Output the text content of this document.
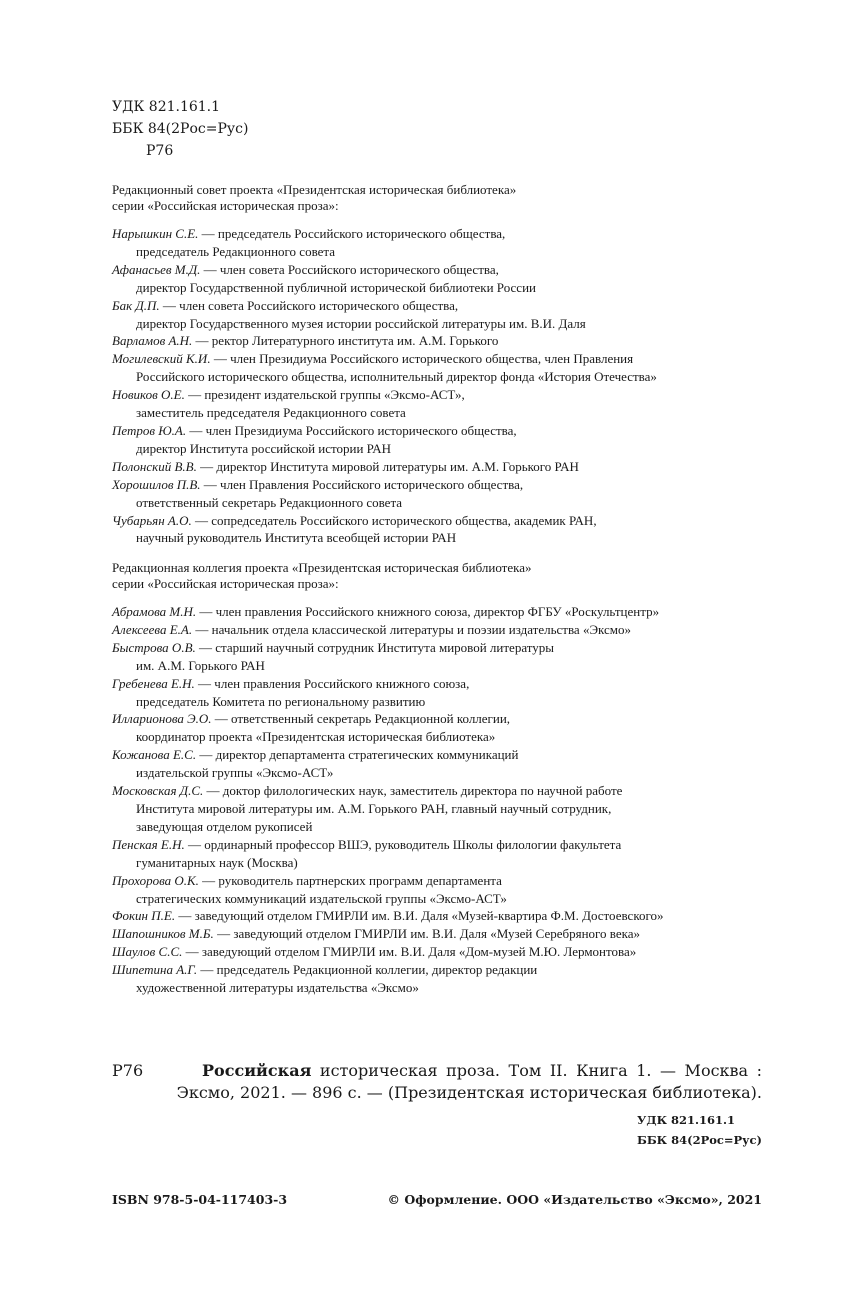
УДК 821.161.1
ББК 84(2Рос=Рус)
Р76
Редакционный совет проекта «Президентская историческая библиотека»
серии «Российская историческая проза»:
Нарышкин С.Е. — председатель Российского исторического общества,
председатель Редакционного совета
Афанасьев М.Д. — член совета Российского исторического общества,
директор Государственной публичной исторической библиотеки России
Бак Д.П. — член совета Российского исторического общества,
директор Государственного музея истории российской литературы им. В.И. Даля
Варламов А.Н. — ректор Литературного института им. А.М. Горького
Могилевский К.И. — член Президиума Российского исторического общества, член Правления
Российского исторического общества, исполнительный директор фонда «История Отечества»
Новиков О.Е. — президент издательской группы «Эксмо-АСТ»,
заместитель председателя Редакционного совета
Петров Ю.А. — член Президиума Российского исторического общества,
директор Института российской истории РАН
Полонский В.В. — директор Института мировой литературы им. А.М. Горького РАН
Хорошилов П.В. — член Правления Российского исторического общества,
ответственный секретарь Редакционного совета
Чубарьян А.О. — сопредседатель Российского исторического общества, академик РАН,
научный руководитель Института всеобщей истории РАН
Редакционная коллегия проекта «Президентская историческая библиотека»
серии «Российская историческая проза»:
Абрамова М.Н. — член правления Российского книжного союза, директор ФГБУ «Роскультцентр»
Алексеева Е.А. — начальник отдела классической литературы и поэзии издательства «Эксмо»
Быстрова О.В. — старший научный сотрудник Института мировой литературы
им. А.М. Горького РАН
Гребенева Е.Н. — член правления Российского книжного союза,
председатель Комитета по региональному развитию
Илларионова Э.О. — ответственный секретарь Редакционной коллегии,
координатор проекта «Президентская историческая библиотека»
Кожанова Е.С. — директор департамента стратегических коммуникаций
издательской группы «Эксмо-АСТ»
Московская Д.С. — доктор филологических наук, заместитель директора по научной работе
Института мировой литературы им. А.М. Горького РАН, главный научный сотрудник,
заведующая отделом рукописей
Пенская Е.Н. — ординарный профессор ВШЭ, руководитель Школы филологии факультета
гуманитарных наук (Москва)
Прохорова О.К. — руководитель партнерских программ департамента
стратегических коммуникаций издательской группы «Эксмо-АСТ»
Фокин П.Е. — заведующий отделом ГМИРЛИ им. В.И. Даля «Музей-квартира Ф.М. Достоевского»
Шапошников М.Б. — заведующий отделом ГМИРЛИ им. В.И. Даля «Музей Серебряного века»
Шаулов С.С. — заведующий отделом ГМИРЛИ им. В.И. Даля «Дом-музей М.Ю. Лермонтова»
Шипетина А.Г. — председатель Редакционной коллегии, директор редакции
художественной литературы издательства «Эксмо»
Р76	Российская историческая проза. Том II. Книга 1. — Москва :
Эксмо, 2021. — 896 с. — (Президентская историческая библиотека).
УДК 821.161.1
ББК 84(2Рос=Рус)
ISBN 978-5-04-117403-3	© Оформление. ООО «Издательство «Эксмо», 2021
